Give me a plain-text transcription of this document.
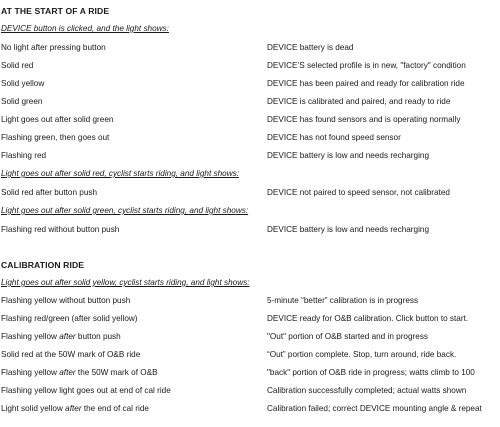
AT THE START OF A RIDE
DEVICE button is clicked, and the light shows:
No light after pressing button	DEVICE battery is dead
Solid red	DEVICE’S selected profile is in new, "factory" condition
Solid yellow	DEVICE has been paired and ready for calibration ride
Solid green	DEVICE is calibrated and paired, and ready to ride
Light goes out after solid green	DEVICE has found sensors and is operating normally
Flashing green, then goes out	DEVICE has not found speed sensor
Flashing red	DEVICE battery is low and needs recharging
Light goes out after solid red, cyclist starts riding, and light shows:
Solid red after button push	DEVICE not paired to speed sensor, not calibrated
Light goes out after solid green, cyclist starts riding, and light shows:
Flashing red without button push	DEVICE battery is low and needs recharging
CALIBRATION RIDE
Light goes out after solid yellow, cyclist starts riding, and light shows:
Flashing yellow without button push	5-minute “better” calibration is in progress
Flashing red/green (after solid yellow)	DEVICE ready for O&B calibration. Click button to start.
Flashing yellow after button push	"Out" portion of O&B started and in progress
Solid red at the 50W mark of O&B ride	“Out” portion complete. Stop, turn around, ride back.
Flashing yellow after the 50W mark of O&B	"back" portion of O&B ride in progress; watts climb to 100
Flashing yellow light goes out at end of cal ride	Calibration successfully completed; actual watts shown
Light solid yellow after the end of cal ride	Calibration failed; correct DEVICE mounting angle & repeat
